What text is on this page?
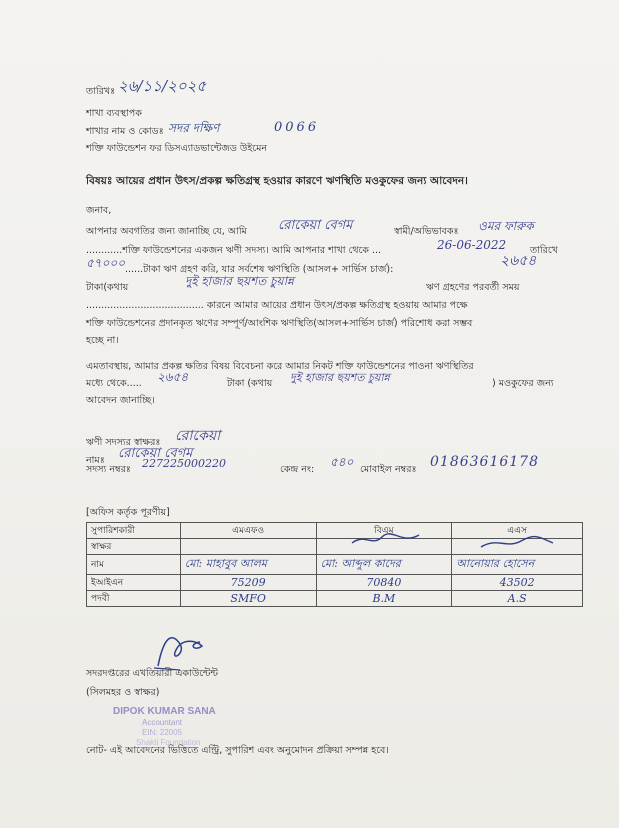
তারিখঃ ২৬/১১/২০২৫
শাখা ব্যবস্থাপক
শাখার নাম ও কোডঃ সদর দক্ষিণ	0066
শক্তি ফাউন্ডেশন ফর ডিসএ্যাডভান্টেজড উইমেন
বিষয়ঃ আয়ের প্রধান উৎস/প্রকল্প ক্ষতিগ্রস্থ হওয়ার কারণে ঋণস্থিতি মওকুফের জন্য আবেদন।
জনাব,
আপনার অবগতির জন্য জানাচ্ছি যে, আমি রোকেয়া বেগম	স্বামী/অভিভাবকঃ ওমর ফারুক
............শক্তি ফাউন্ডেশনের একজন ঋণী সদস্য। আমি আপনার শাখা থেকে ...	26-06-2022	তারিখে
৫৭০০০ ......টাকা ঋণ গ্রহণ করি, যার সর্বশেষ ঋণস্থিতি (আসল+ সার্ভিস চার্জ):
২৬৫৪
টাকা(কথায়	দুই হাজার ছয়শত চুয়ান্ন	ঋণ গ্রহণের পরবর্তী সময়
....................................... কারনে আমার আয়ের প্রধান উৎস/প্রকল্প ক্ষতিগ্রস্থ হওয়ায় আমার পক্ষে
শক্তি ফাউন্ডেশনের প্রদানকৃত ঋণের সম্পূর্ণ/আংশিক ঋণস্থিতি(আসল+সার্ভিস চার্জ) পরিশোধ করা সম্ভব
হচ্ছে না।
এমতাবস্থায়, আমার প্রকল্প ক্ষতির বিষয় বিবেচনা করে আমার নিকট শক্তি ফাউন্ডেশনের পাওনা ঋণস্থিতির
মধ্যে থেকে..... ২৬৫৪	টাকা (কথায় দুই হাজার ছয়শত চুয়ান্ন	) মওকুফের জন্য
আবেদন জানাচ্ছি।
ঋণী সদস্যর স্বাক্ষরঃ রোকেয়া
নামঃ রোকেয়া বেগম
সদস্য নম্বরঃ 227225000220	কেন্দ্র নং:
৫৪০
মোবাইল নম্বরঃ 01863616178
[অফিস কর্তৃক পূরণীয়]
সুপারিশকারী	এমএফও	বিএম	এএস
স্বাক্ষর		

নাম	মো: মাহাবুব আলম	মো: আব্দুল কাদের	আনোয়ার হোসেন
ইআইএন	75209	70840	43502
পদবী	SMFO	B.M	A.S
সদরদপ্তরের এখতিয়ারী একাউন্টেন্ট
(সিলমহর ও স্বাক্ষর)
DIPOK KUMAR SANA
Accountant
EIN: 22005
Shakti Foundation
নোট- এই আবেদনের ভিত্তিতে এন্ট্রি, সুপারিশ এবং অনুমোদন প্রক্রিয়া সম্পন্ন হবে।
